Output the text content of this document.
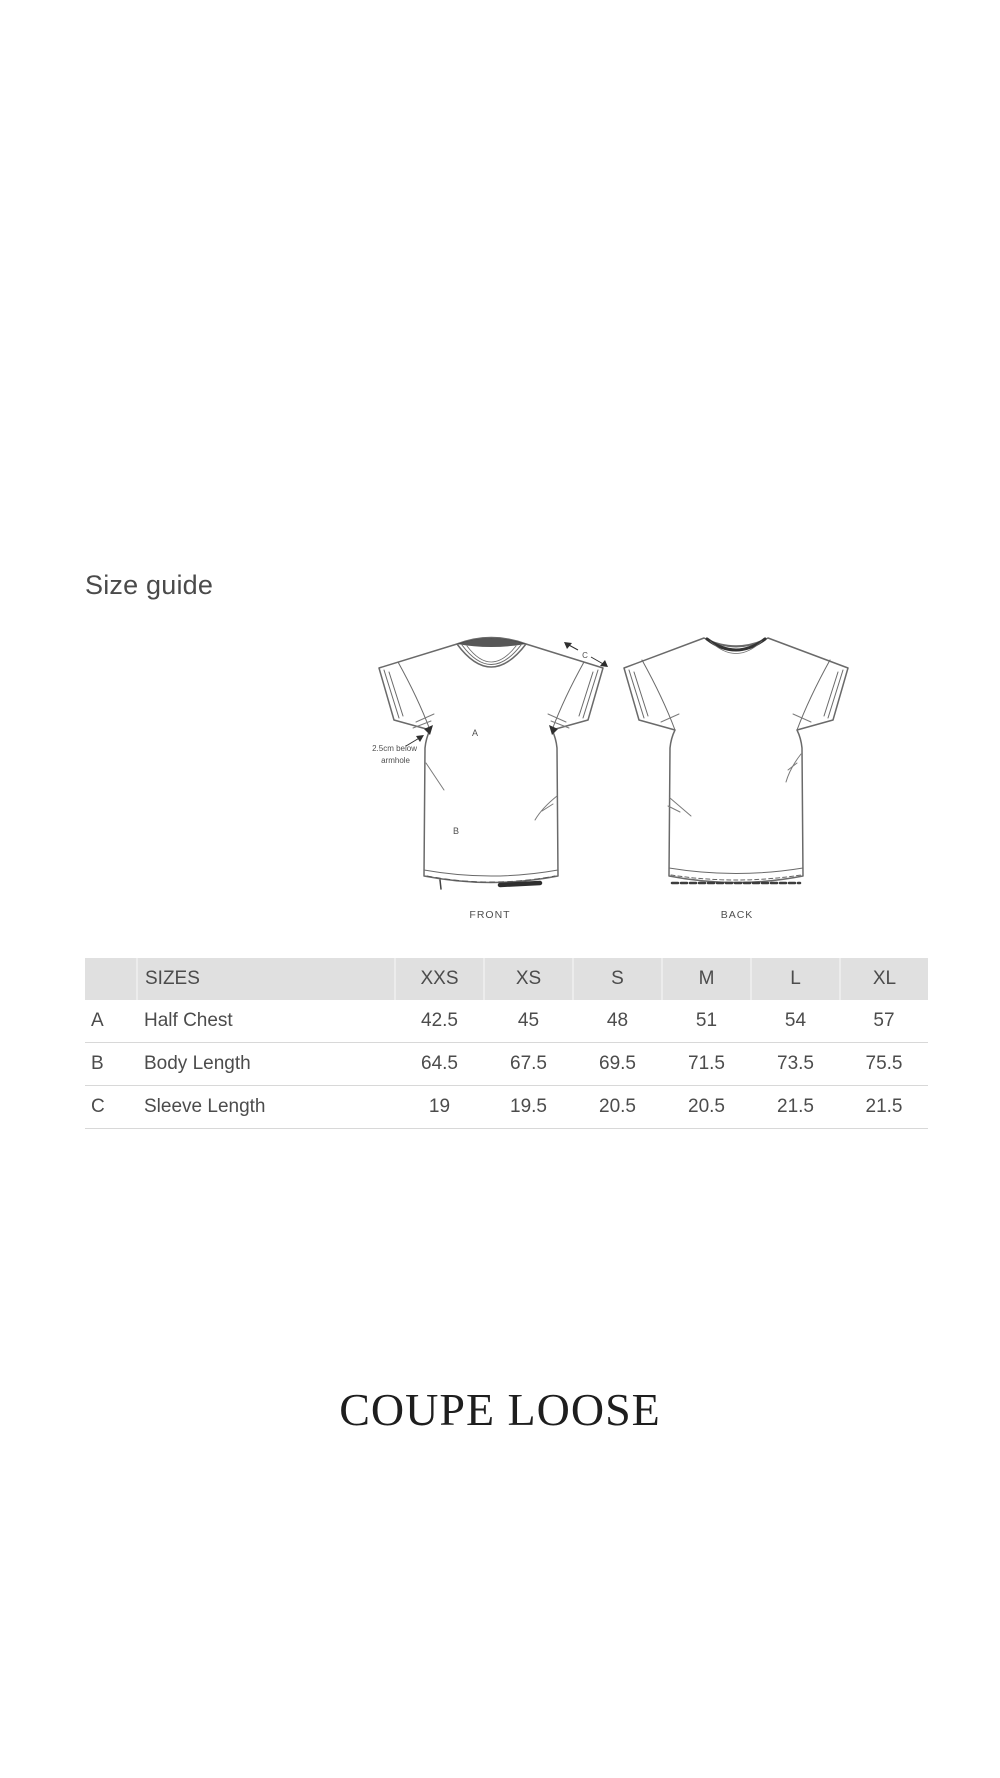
Size guide
A
B
C
2.5cm below
armhole
FRONT	BACK
	SIZES	XXS	XS	S	M	L	XL
A	Half Chest	42.5	45	48	51	54	57
B	Body Length	64.5	67.5	69.5	71.5	73.5	75.5
C	Sleeve Length	19	19.5	20.5	20.5	21.5	21.5
COUPE LOOSE
